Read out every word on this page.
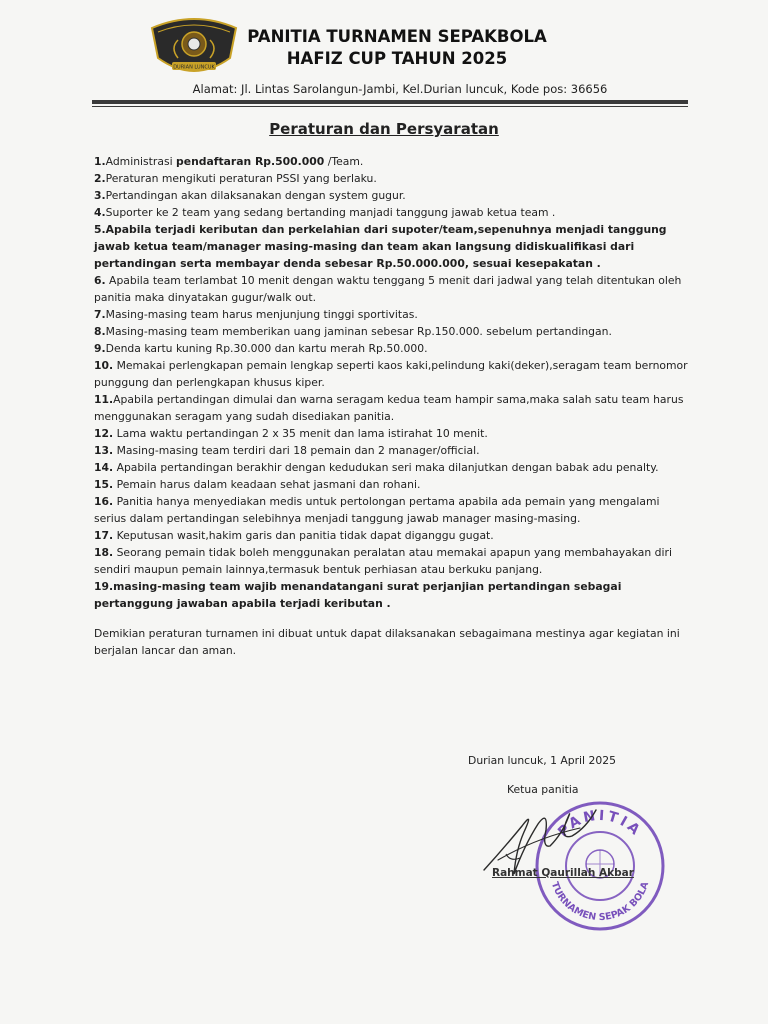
DURIAN LUNCUK
PANITIA TURNAMEN SEPAKBOLA
HAFIZ CUP TAHUN 2025
Alamat: Jl. Lintas Sarolangun-Jambi, Kel.Durian luncuk, Kode pos: 36656
Peraturan dan Persyaratan
1.Administrasi pendaftaran Rp.500.000 /Team.
2.Peraturan mengikuti peraturan PSSI yang berlaku.
3.Pertandingan akan dilaksanakan dengan system gugur.
4.Suporter ke 2 team yang sedang bertanding manjadi tanggung jawab ketua team .
5.Apabila terjadi keributan dan perkelahian dari supoter/team,sepenuhnya menjadi tanggung jawab ketua team/manager masing-masing dan team akan langsung didiskualifikasi dari pertandingan serta membayar denda sebesar Rp.50.000.000, sesuai kesepakatan .
6. Apabila team terlambat 10 menit dengan waktu tenggang 5 menit dari jadwal yang telah ditentukan oleh panitia maka dinyatakan gugur/walk out.
7.Masing-masing team harus menjunjung tinggi sportivitas.
8.Masing-masing team memberikan uang jaminan sebesar Rp.150.000. sebelum pertandingan.
9.Denda kartu kuning Rp.30.000 dan kartu merah Rp.50.000.
10. Memakai perlengkapan pemain lengkap seperti kaos kaki,pelindung kaki(deker),seragam team bernomor punggung dan perlengkapan khusus kiper.
11.Apabila pertandingan dimulai dan warna seragam kedua team hampir sama,maka salah satu team harus menggunakan seragam yang sudah disediakan panitia.
12. Lama waktu pertandingan 2 x 35 menit dan lama istirahat 10 menit.
13. Masing-masing team terdiri dari 18 pemain dan 2 manager/official.
14. Apabila pertandingan berakhir dengan kedudukan seri maka dilanjutkan dengan babak adu penalty.
15. Pemain harus dalam keadaan sehat jasmani dan rohani.
16. Panitia hanya menyediakan medis untuk pertolongan pertama apabila ada pemain yang mengalami serius dalam pertandingan selebihnya menjadi tanggung jawab manager masing-masing.
17. Keputusan wasit,hakim garis dan panitia tidak dapat diganggu gugat.
18. Seorang pemain tidak boleh menggunakan peralatan atau memakai apapun yang membahayakan diri sendiri maupun pemain lainnya,termasuk bentuk perhiasan atau berkuku panjang.
19.masing-masing team wajib menandatangani surat perjanjian pertandingan sebagai pertanggung jawaban apabila terjadi keributan .
Demikian peraturan turnamen ini dibuat untuk dapat dilaksanakan sebagaimana mestinya agar kegiatan ini berjalan lancar dan aman.
Durian luncuk, 1 April 2025
Ketua panitia
PANITIA
TURNAMEN SEPAK BOLA
Rahmat Qaurillah Akbar
